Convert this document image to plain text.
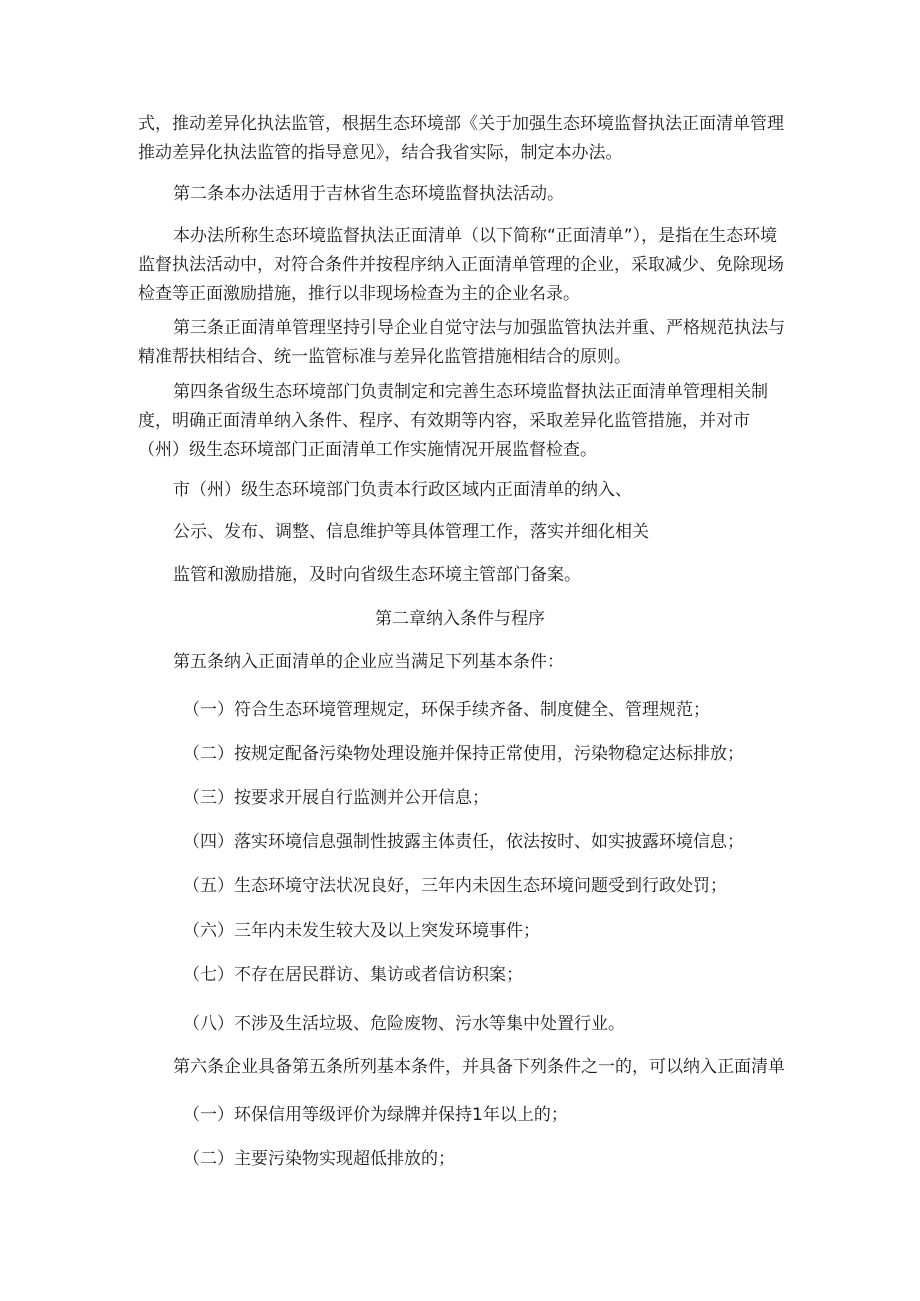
式，推动差异化执法监管，根据生态环境部《关于加强生态环境监督执法正面清单管理推动差异化执法监管的指导意见》，结合我省实际，制定本办法。

第二条本办法适用于吉林省生态环境监督执法活动。

本办法所称生态环境监督执法正面清单（以下简称“正面清单”），是指在生态环境监督执法活动中，对符合条件并按程序纳入正面清单管理的企业，采取减少、免除现场检查等正面激励措施，推行以非现场检查为主的企业名录。

第三条正面清单管理坚持引导企业自觉守法与加强监管执法并重、严格规范执法与精准帮扶相结合、统一监管标准与差异化监管措施相结合的原则。

第四条省级生态环境部门负责制定和完善生态环境监督执法正面清单管理相关制度，明确正面清单纳入条件、程序、有效期等内容，采取差异化监管措施，并对市（州）级生态环境部门正面清单工作实施情况开展监督检查。

市（州）级生态环境部门负责本行政区域内正面清单的纳入、

公示、发布、调整、信息维护等具体管理工作，落实并细化相关

监管和激励措施，及时向省级生态环境主管部门备案。

第二章纳入条件与程序

第五条纳入正面清单的企业应当满足下列基本条件：

（一）符合生态环境管理规定，环保手续齐备、制度健全、管理规范；

（二）按规定配备污染物处理设施并保持正常使用，污染物稳定达标排放；

（三）按要求开展自行监测并公开信息；

（四）落实环境信息强制性披露主体责任，依法按时、如实披露环境信息；

（五）生态环境守法状况良好，三年内未因生态环境问题受到行政处罚；

（六）三年内未发生较大及以上突发环境事件；

（七）不存在居民群访、集访或者信访积案；

（八）不涉及生活垃圾、危险废物、污水等集中处置行业。

第六条企业具备第五条所列基本条件，并具备下列条件之一的，可以纳入正面清单

（一）环保信用等级评价为绿牌并保持1年以上的；

（二）主要污染物实现超低排放的；
